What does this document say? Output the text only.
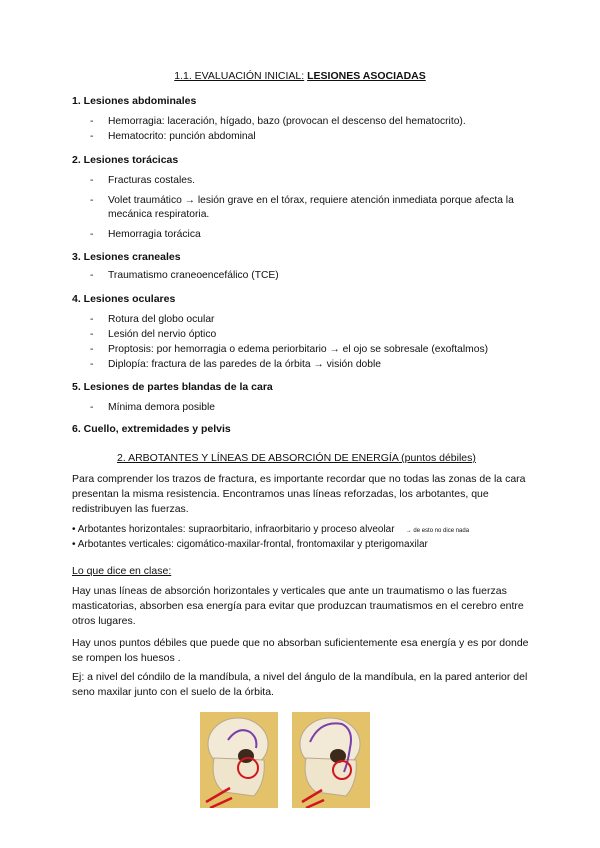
1.1. EVALUACIÓN INICIAL: LESIONES ASOCIADAS
1. Lesiones abdominales
- Hemorragia: laceración, hígado, bazo (provocan el descenso del hematocrito).
- Hematocrito: punción abdominal
2. Lesiones torácicas
- Fracturas costales.
- Volet traumático → lesión grave en el tórax, requiere atención inmediata porque afecta la mecánica respiratoria.
- Hemorragia torácica
3. Lesiones craneales
- Traumatismo craneoencefálico (TCE)
4. Lesiones oculares
- Rotura del globo ocular
- Lesión del nervio óptico
- Proptosis: por hemorragia o edema periorbitario → el ojo se sobresale (exoftalmos)
- Diplopía: fractura de las paredes de la órbita → visión doble
5. Lesiones de partes blandas de la cara
- Mínima demora posible
6. Cuello, extremidades y pelvis
2. ARBOTANTES Y LÍNEAS DE ABSORCIÓN DE ENERGÍA (puntos débiles)
Para comprender los trazos de fractura, es importante recordar que no todas las zonas de la cara presentan la misma resistencia. Encontramos unas líneas reforzadas, los arbotantes, que redistribuyen las fuerzas.
• Arbotantes horizontales: supraorbitario, infraorbitario y proceso alveolar → de esto no dice nada
• Arbotantes verticales: cigomático-maxilar-frontal, frontomaxilar y pterigomaxilar
Lo que dice en clase:
Hay unas líneas de absorción horizontales y verticales que ante un traumatismo o las fuerzas masticatorias, absorben esa energía para evitar que produzcan traumatismos en el cerebro entre otros lugares.
Hay unos puntos débiles que puede que no absorban suficientemente esa energía y es por donde se rompen los huesos .
Ej: a nivel del cóndilo de la mandíbula, a nivel del ángulo de la mandíbula, en la pared anterior del seno maxilar junto con el suelo de la órbita.
